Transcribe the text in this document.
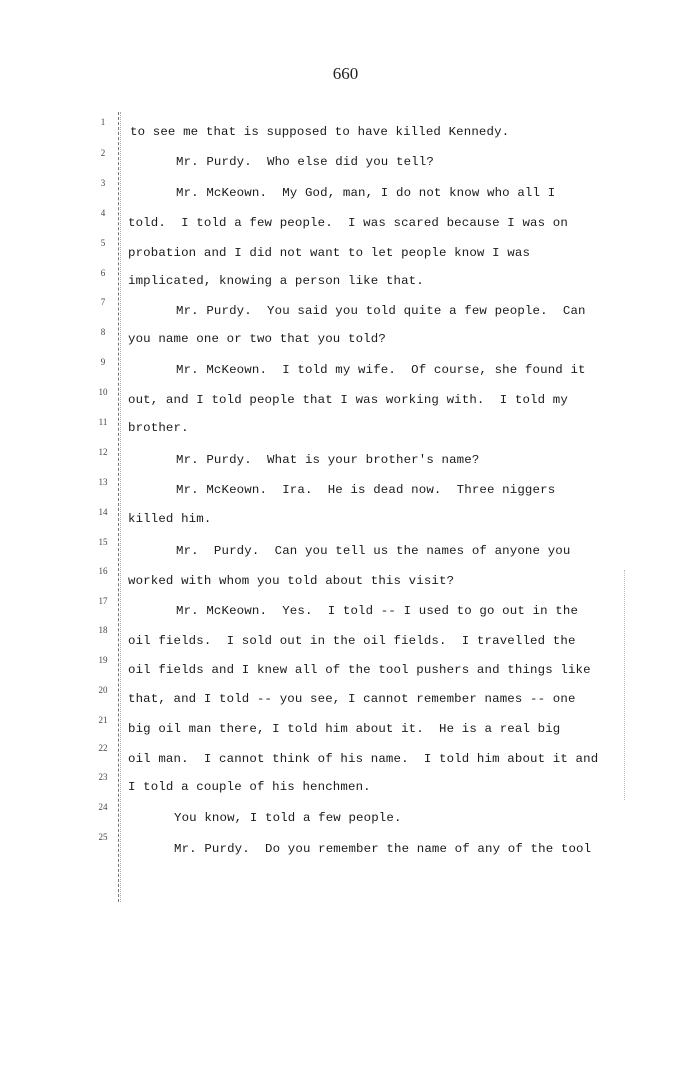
660
1
2
3
4
5
6
7
8
9
10
11
12
13
14
15
16
17
18
19
20
21
22
23
24
25
to see me that is supposed to have killed Kennedy.
Mr. Purdy.  Who else did you tell?
Mr. McKeown.  My God, man, I do not know who all I
told.  I told a few people.  I was scared because I was on
probation and I did not want to let people know I was
implicated, knowing a person like that.
Mr. Purdy.  You said you told quite a few people.  Can
you name one or two that you told?
Mr. McKeown.  I told my wife.  Of course, she found it
out, and I told people that I was working with.  I told my
brother.
Mr. Purdy.  What is your brother's name?
Mr. McKeown.  Ira.  He is dead now.  Three niggers
killed him.
Mr.  Purdy.  Can you tell us the names of anyone you
worked with whom you told about this visit?
Mr. McKeown.  Yes.  I told -- I used to go out in the
oil fields.  I sold out in the oil fields.  I travelled the
oil fields and I knew all of the tool pushers and things like
that, and I told -- you see, I cannot remember names -- one
big oil man there, I told him about it.  He is a real big
oil man.  I cannot think of his name.  I told him about it and
I told a couple of his henchmen.
You know, I told a few people.
Mr. Purdy.  Do you remember the name of any of the tool
